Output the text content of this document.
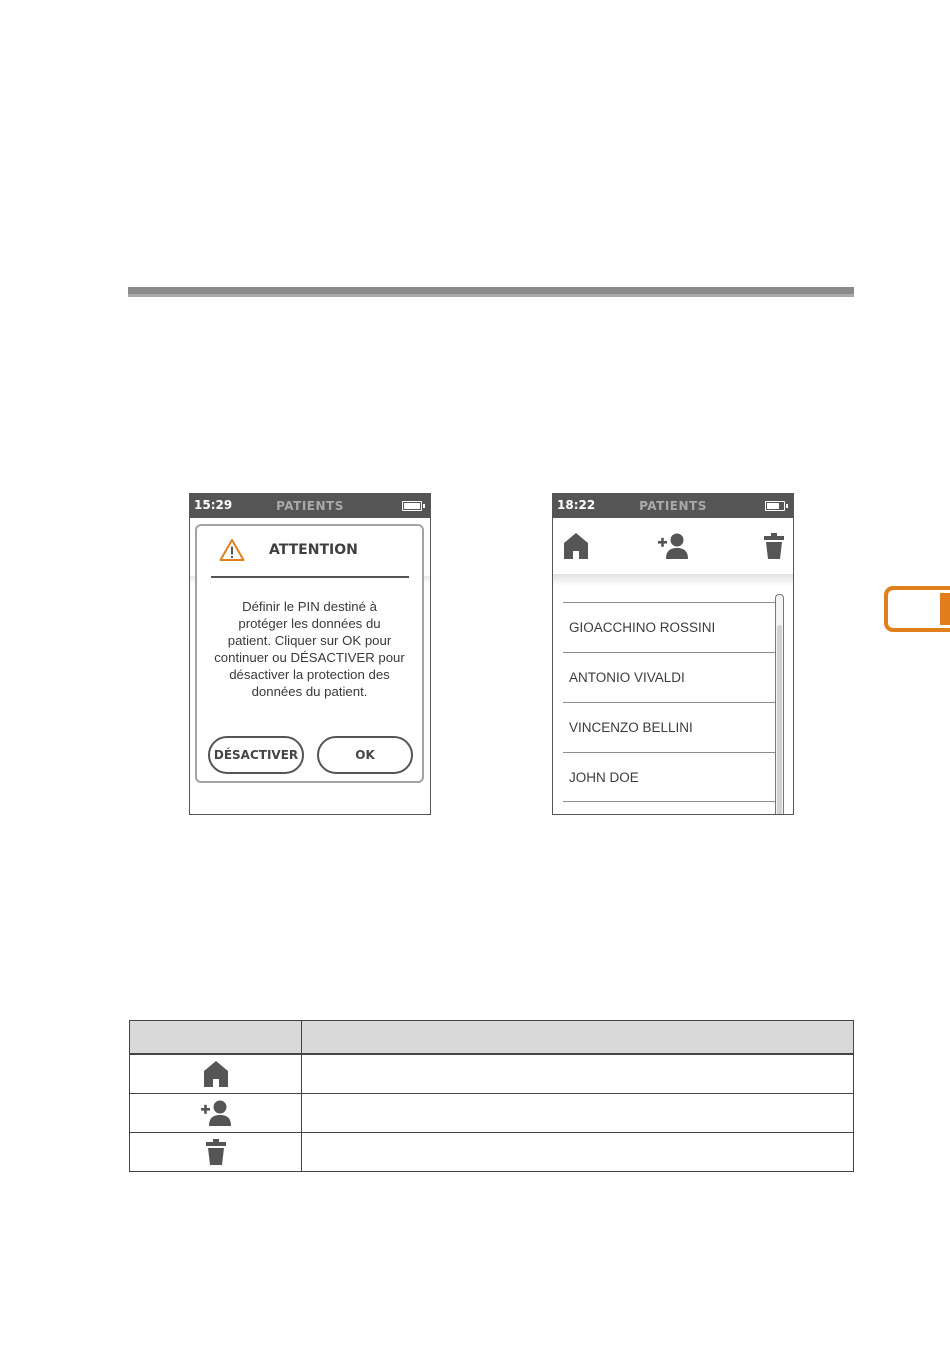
15:29	PATIENTS
ATTENTION
Définir le PIN destiné à
protéger les données du
patient. Cliquer sur OK pour
continuer ou DÉSACTIVER pour
désactiver la protection des
données du patient.
DÉSACTIVER	OK
18:22	PATIENTS
GIOACCHINO ROSSINI
ANTONIO VIVALDI
VINCENZO BELLINI
JOHN DOE
